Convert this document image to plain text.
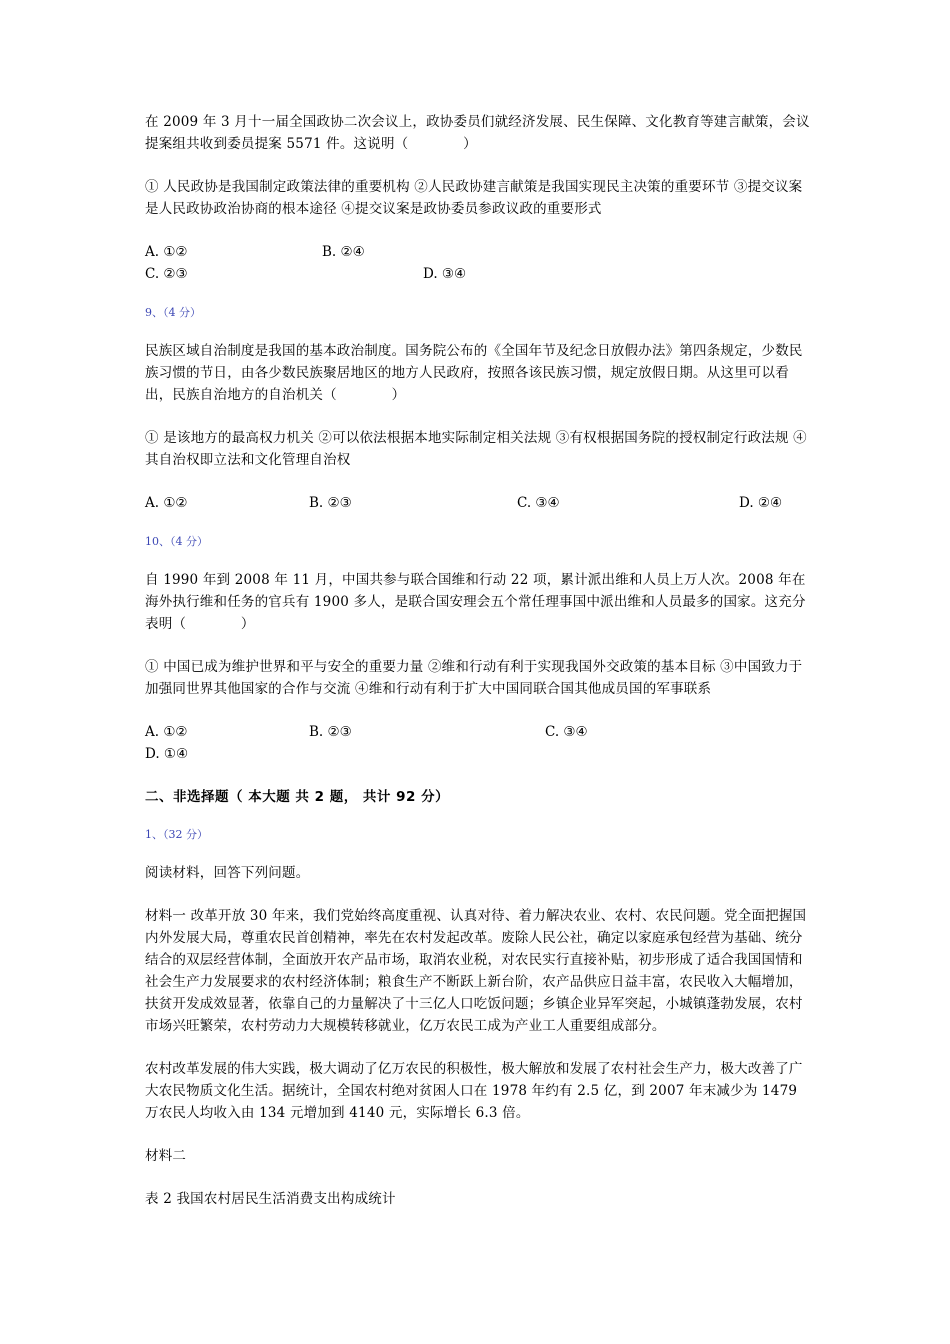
在 2009 年 3 月十一届全国政协二次会议上，政协委员们就经济发展、民生保障、文化教育等建言献策，会议提案组共收到委员提案 5571 件。这说明（　　　　）

① 人民政协是我国制定政策法律的重要机构 ②人民政协建言献策是我国实现民主决策的重要环节 ③提交议案是人民政协政治协商的根本途径 ④提交议案是政协委员参政议政的重要形式

A. ①②	B. ②④
C. ②③	D. ③④

9、（4 分）

民族区域自治制度是我国的基本政治制度。国务院公布的《全国年节及纪念日放假办法》第四条规定，少数民族习惯的节日，由各少数民族聚居地区的地方人民政府，按照各该民族习惯，规定放假日期。从这里可以看出，民族自治地方的自治机关（　　　　）

① 是该地方的最高权力机关 ②可以依法根据本地实际制定相关法规 ③有权根据国务院的授权制定行政法规 ④其自治权即立法和文化管理自治权

A. ①②	B. ②③	C. ③④	D. ②④

10、（4 分）

自 1990 年到 2008 年 11 月，中国共参与联合国维和行动 22 项，累计派出维和人员上万人次。2008 年在海外执行维和任务的官兵有 1900 多人，是联合国安理会五个常任理事国中派出维和人员最多的国家。这充分表明（　　　　）

① 中国已成为维护世界和平与安全的重要力量 ②维和行动有利于实现我国外交政策的基本目标 ③中国致力于加强同世界其他国家的合作与交流 ④维和行动有利于扩大中国同联合国其他成员国的军事联系

A. ①②	B. ②③	C. ③④
D. ①④

二、非选择题（ 本大题 共 2 题， 共计 92 分）

1、（32 分）

阅读材料，回答下列问题。

材料一 改革开放 30 年来，我们党始终高度重视、认真对待、着力解决农业、农村、农民问题。党全面把握国内外发展大局，尊重农民首创精神，率先在农村发起改革。废除人民公社，确定以家庭承包经营为基础、统分结合的双层经营体制，全面放开农产品市场，取消农业税，对农民实行直接补贴，初步形成了适合我国国情和社会生产力发展要求的农村经济体制；粮食生产不断跃上新台阶，农产品供应日益丰富，农民收入大幅增加，扶贫开发成效显著，依靠自己的力量解决了十三亿人口吃饭问题；乡镇企业异军突起，小城镇蓬勃发展，农村市场兴旺繁荣，农村劳动力大规模转移就业，亿万农民工成为产业工人重要组成部分。

农村改革发展的伟大实践，极大调动了亿万农民的积极性，极大解放和发展了农村社会生产力，极大改善了广大农民物质文化生活。据统计，全国农村绝对贫困人口在 1978 年约有 2.5 亿，到 2007 年末减少为 1479 万农民人均收入由 134 元增加到 4140 元，实际增长 6.3 倍。

材料二

表 2 我国农村居民生活消费支出构成统计
